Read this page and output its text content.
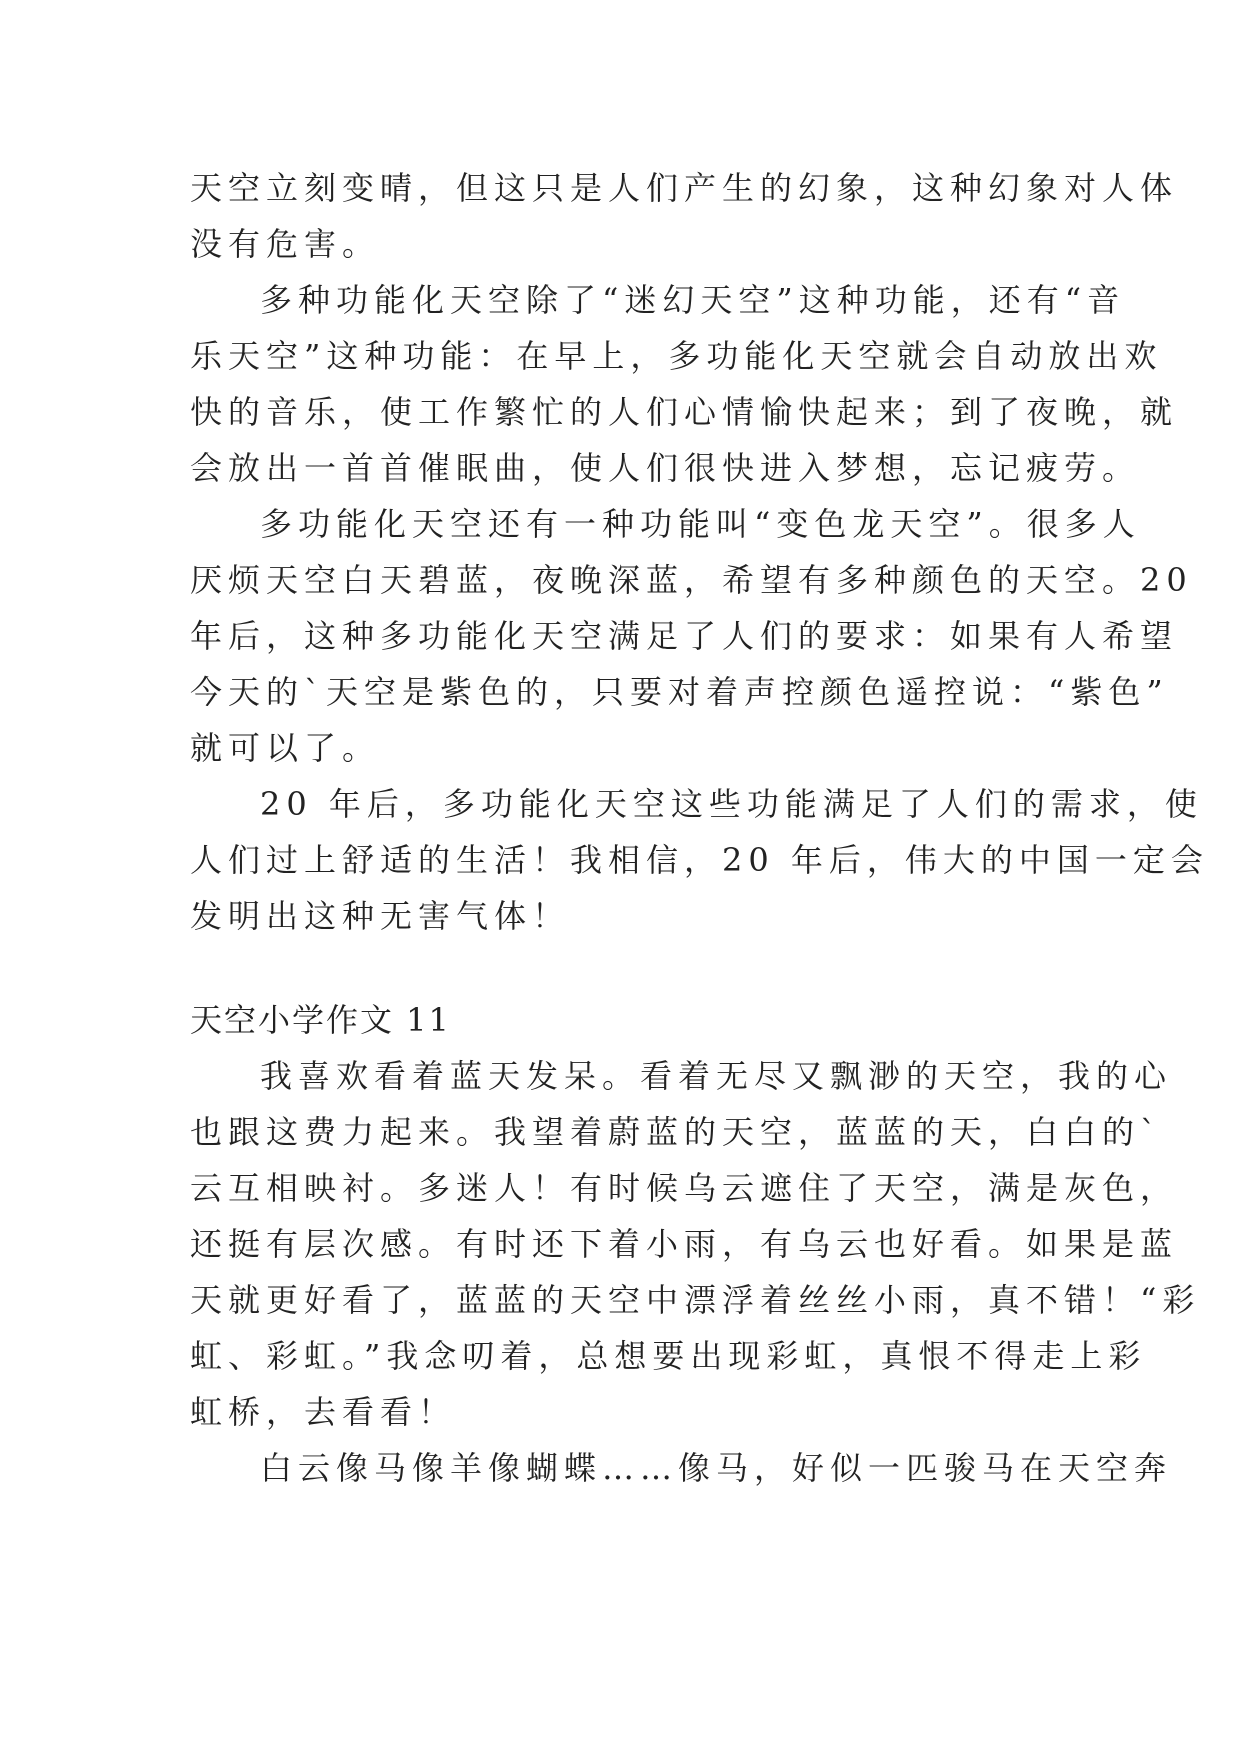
天空立刻变晴，但这只是人们产生的幻象，这种幻象对人体
没有危害。
多种功能化天空除了“迷幻天空”这种功能，还有“音
乐天空”这种功能：在早上，多功能化天空就会自动放出欢
快的音乐，使工作繁忙的人们心情愉快起来；到了夜晚，就
会放出一首首催眠曲，使人们很快进入梦想，忘记疲劳。
多功能化天空还有一种功能叫“变色龙天空”。很多人
厌烦天空白天碧蓝，夜晚深蓝，希望有多种颜色的天空。20
年后，这种多功能化天空满足了人们的要求：如果有人希望
今天的`天空是紫色的，只要对着声控颜色遥控说：“紫色”
就可以了。
20 年后，多功能化天空这些功能满足了人们的需求，使
人们过上舒适的生活！我相信，20 年后，伟大的中国一定会
发明出这种无害气体！
天空小学作文 11
我喜欢看着蓝天发呆。看着无尽又飘渺的天空，我的心
也跟这费力起来。我望着蔚蓝的天空，蓝蓝的天，白白的`
云互相映衬。多迷人！有时候乌云遮住了天空，满是灰色，
还挺有层次感。有时还下着小雨，有乌云也好看。如果是蓝
天就更好看了，蓝蓝的天空中漂浮着丝丝小雨，真不错！“彩
虹、彩虹。”我念叨着，总想要出现彩虹，真恨不得走上彩
虹桥，去看看！
白云像马像羊像蝴蝶……像马，好似一匹骏马在天空奔
